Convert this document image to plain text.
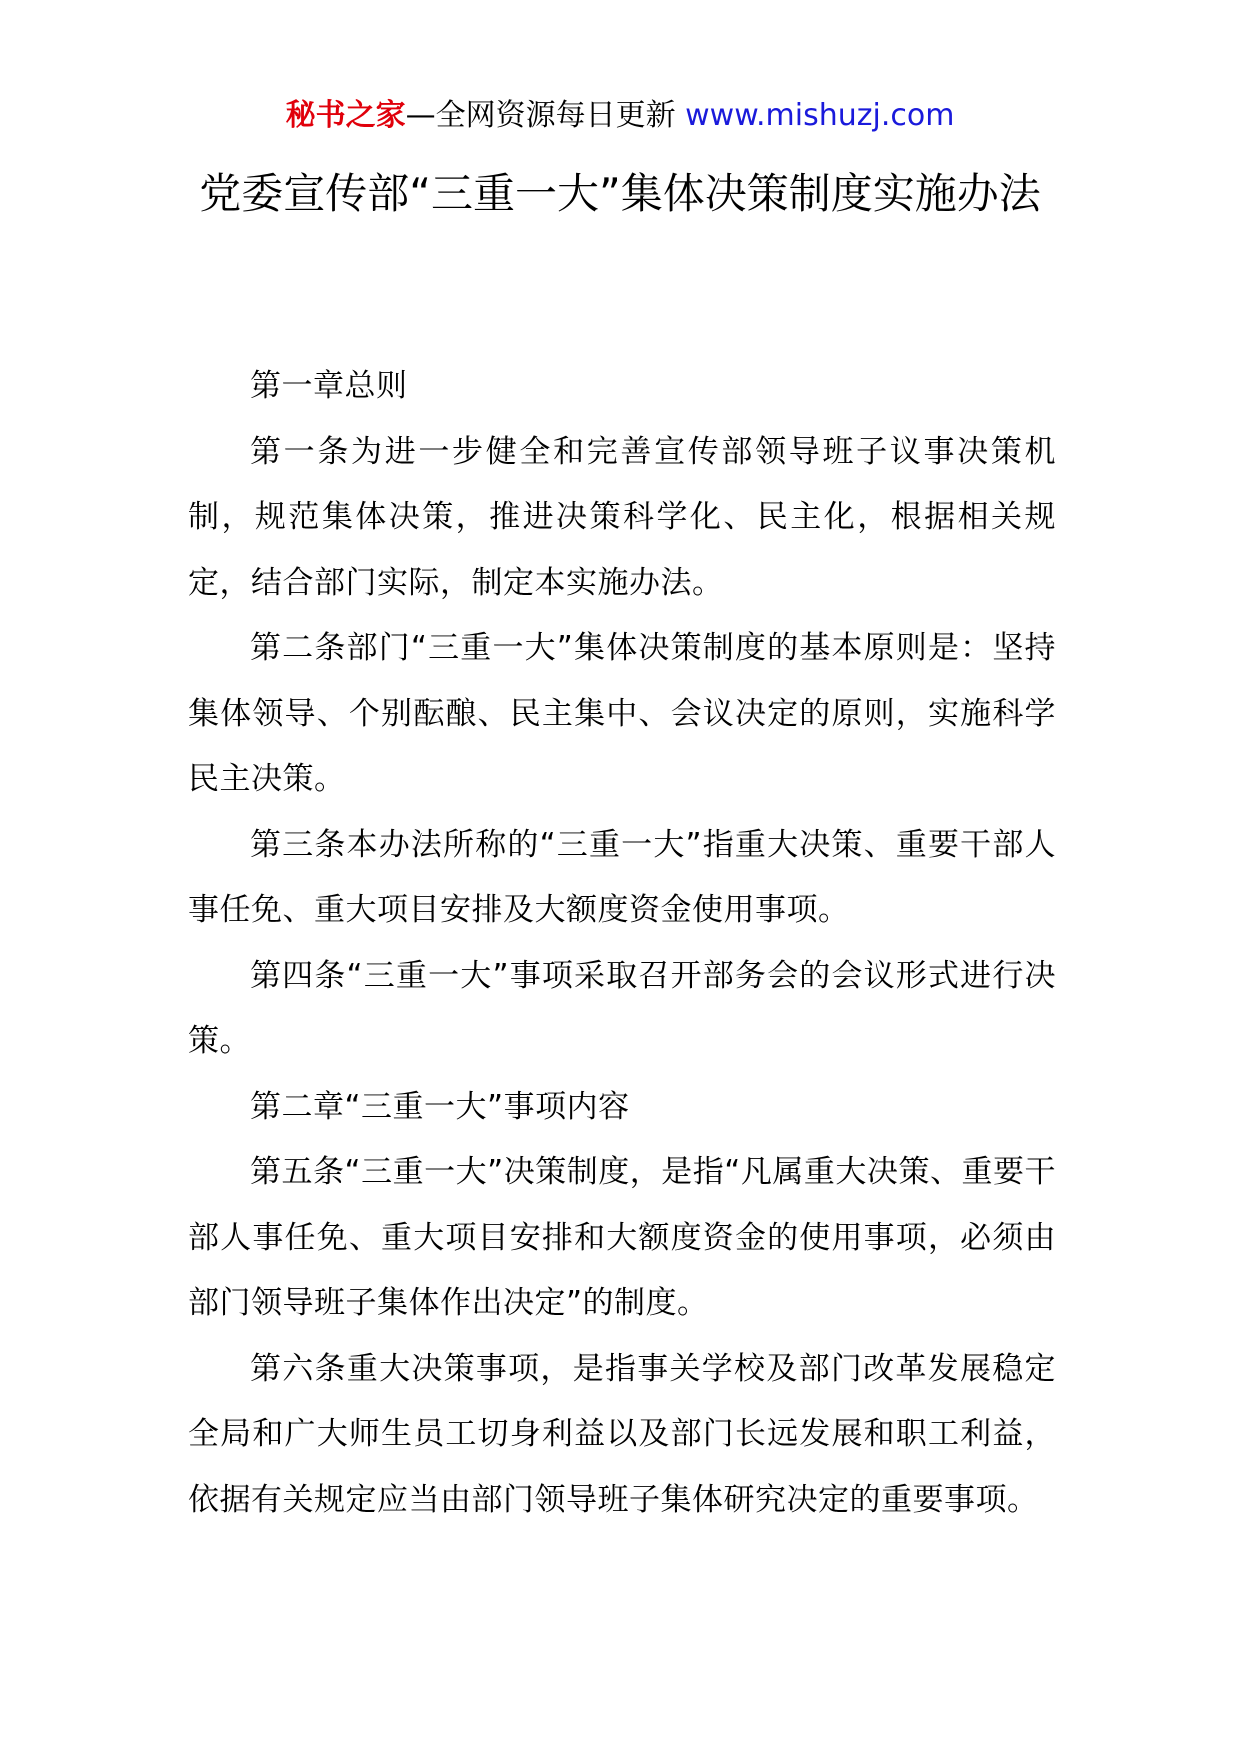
秘书之家—全网资源每日更新 www.mishuzj.com
党委宣传部“三重一大”集体决策制度实施办法

第一章总则

第一条为进一步健全和完善宣传部领导班子议事决策机制，规范集体决策，推进决策科学化、民主化，根据相关规定，结合部门实际，制定本实施办法。

第二条部门“三重一大”集体决策制度的基本原则是：坚持集体领导、个别酝酿、民主集中、会议决定的原则，实施科学民主决策。

第三条本办法所称的“三重一大”指重大决策、重要干部人事任免、重大项目安排及大额度资金使用事项。

第四条“三重一大”事项采取召开部务会的会议形式进行决策。

第二章“三重一大”事项内容

第五条“三重一大”决策制度，是指“凡属重大决策、重要干部人事任免、重大项目安排和大额度资金的使用事项，必须由部门领导班子集体作出决定”的制度。

第六条重大决策事项，是指事关学校及部门改革发展稳定全局和广大师生员工切身利益以及部门长远发展和职工利益，依据有关规定应当由部门领导班子集体研究决定的重要事项。
